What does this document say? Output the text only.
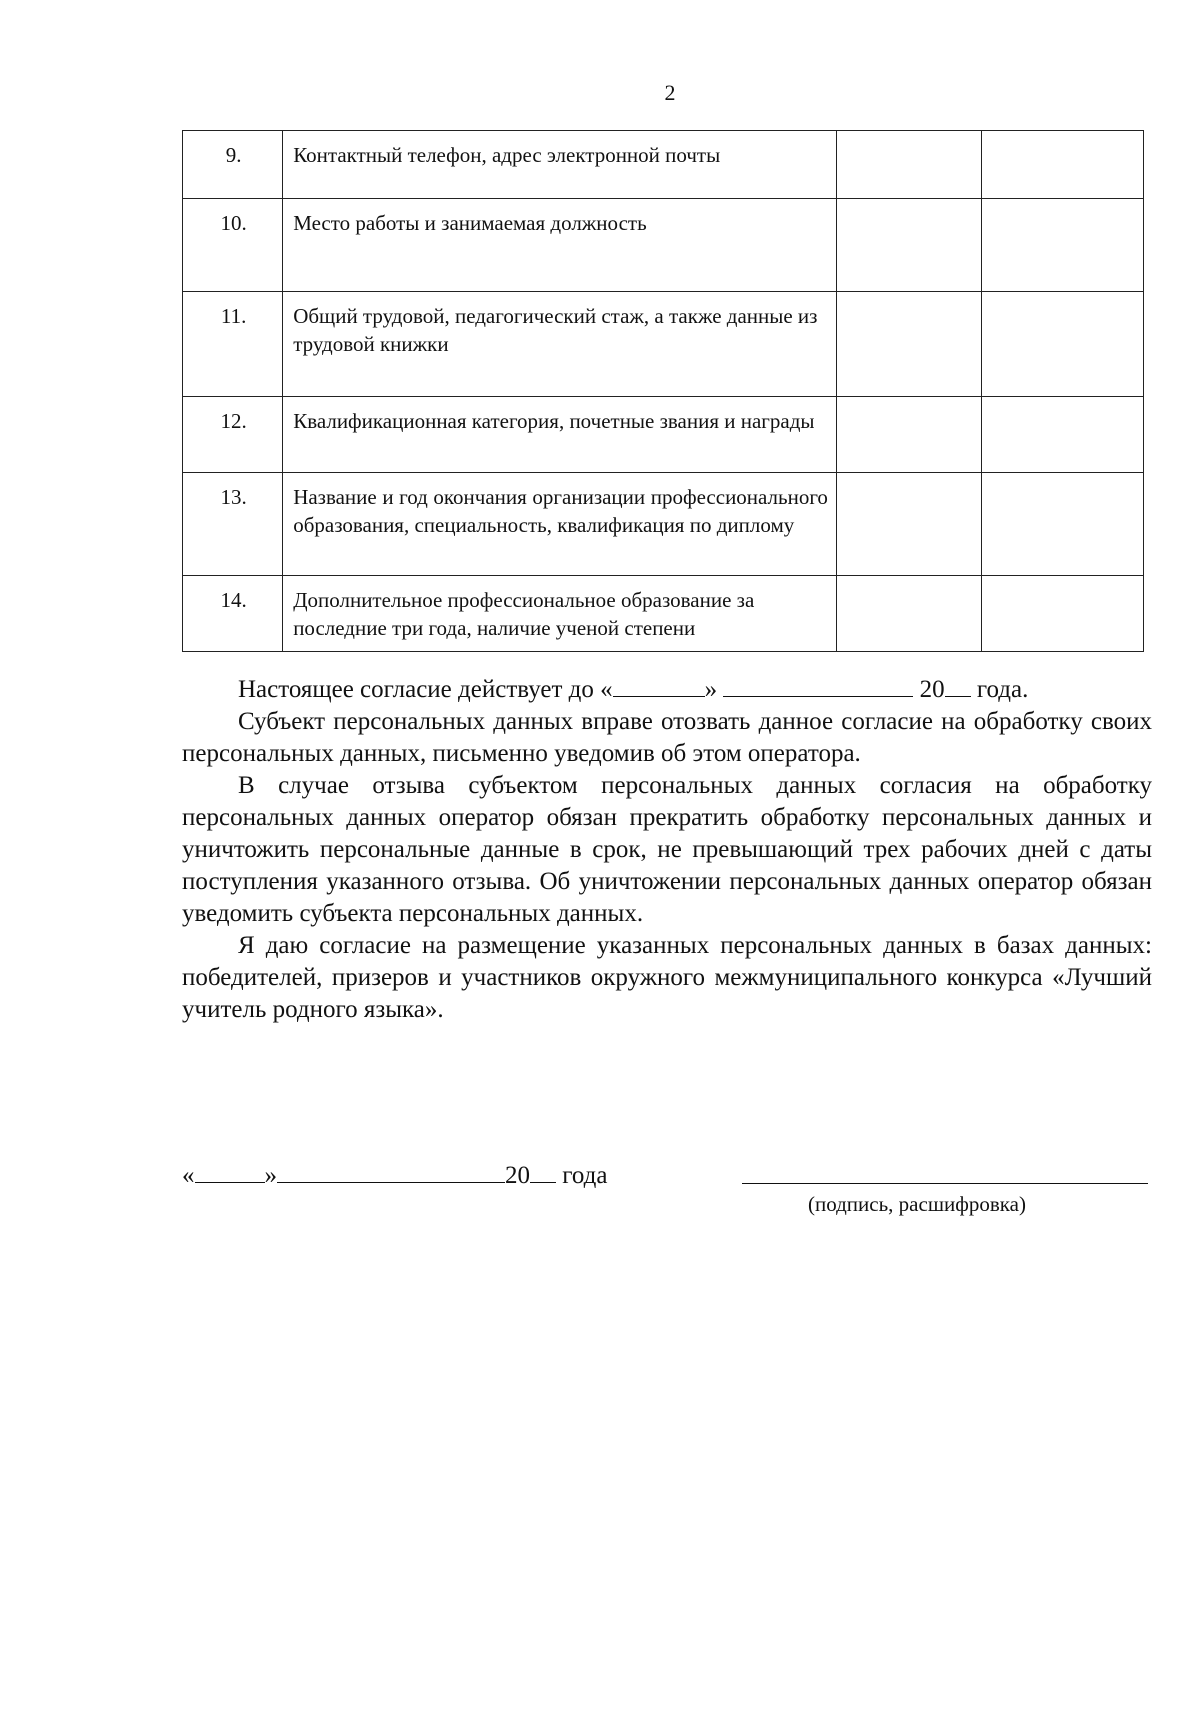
2
9.	Контактный телефон, адрес электронной почты		
10.	Место работы и занимаемая должность		
11.	Общий трудовой, педагогический стаж, а также данные из трудовой книжки		
12.	Квалификационная категория, почетные звания и награды		
13.	Название и год окончания организации профессионального образования, специальность, квалификация по диплому		
14.	Дополнительное профессиональное образование за последние три года, наличие ученой степени		
Настоящее согласие действует до «	»	20 года.

Субъект персональных данных вправе отозвать данное согласие на обработку своих персональных данных, письменно уведомив об этом оператора.

В случае отзыва субъектом персональных данных согласия на обработку персональных данных оператор обязан прекратить обработку персональных данных и уничтожить персональные данные в срок, не превышающий трех рабочих дней с даты поступления указанного отзыва. Об уничтожении персональных данных оператор обязан уведомить субъекта персональных данных.

Я даю согласие на размещение указанных персональных данных в базах данных: победителей, призеров и участников окружного межмуниципального конкурса «Лучший учитель родного языка».

«	»	20 года
(подпись, расшифровка)
